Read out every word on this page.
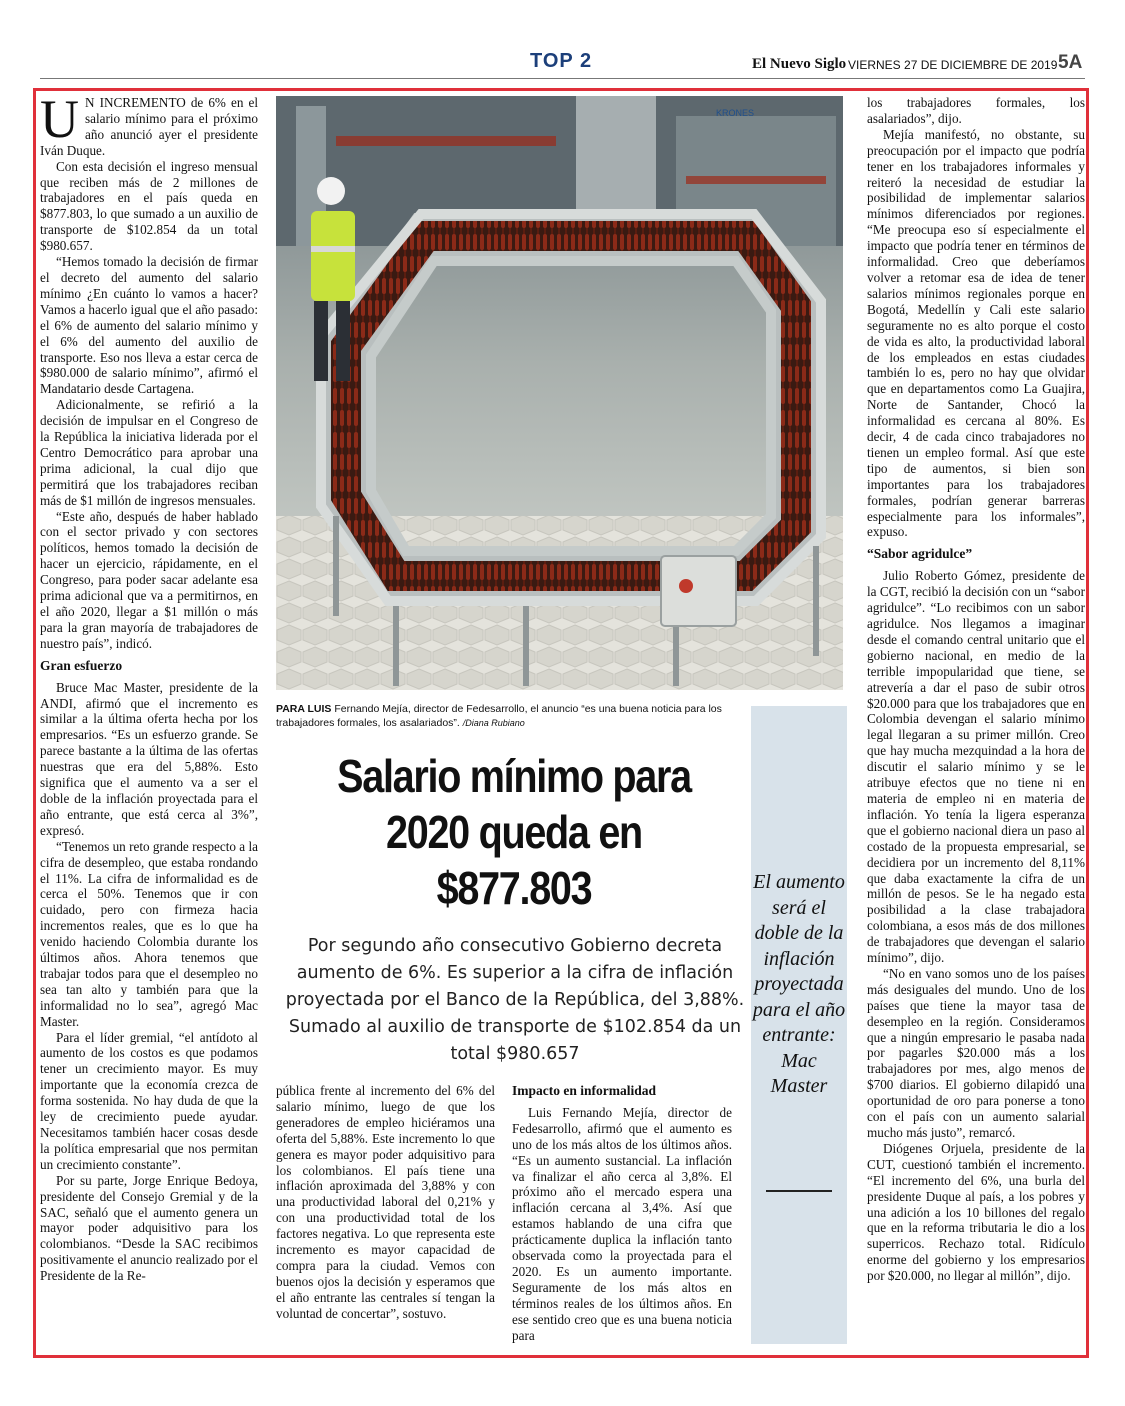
TOP 2	El Nuevo Siglo VIERNES 27 DE DICIEMBRE DE 2019 5A

U N INCREMENTO de 6% en el salario mínimo para el próximo año anunció ayer el presidente Iván Duque.

Con esta decisión el ingreso mensual que reciben más de 2 millones de trabajadores en el país queda en $877.803, lo que sumado a un auxilio de transporte de $102.854 da un total $980.657.

“Hemos tomado la decisión de firmar el decreto del aumento del salario mínimo ¿En cuánto lo vamos a hacer? Vamos a hacerlo igual que el año pasado: el 6% de aumento del salario mínimo y el 6% del aumento del auxilio de transporte. Eso nos lleva a estar cerca de $980.000 de salario mínimo”, afirmó el Mandatario desde Cartagena.

Adicionalmente, se refirió a la decisión de impulsar en el Congreso de la República la iniciativa liderada por el Centro Democrático para aprobar una prima adicional, la cual dijo que permitirá que los trabajadores reciban más de $1 millón de ingresos mensuales.

“Este año, después de haber hablado con el sector privado y con sectores políticos, hemos tomado la decisión de hacer un ejercicio, rápidamente, en el Congreso, para poder sacar adelante esa prima adicional que va a permitirnos, en el año 2020, llegar a $1 millón o más para la gran mayoría de trabajadores de nuestro país”, indicó.

Gran esfuerzo

Bruce Mac Master, presidente de la ANDI, afirmó que el incremento es similar a la última oferta hecha por los empresarios. “Es un esfuerzo grande. Se parece bastante a la última de las ofertas nuestras que era del 5,88%. Esto significa que el aumento va a ser el doble de la inflación proyectada para el año entrante, que está cerca al 3%”, expresó.

“Tenemos un reto grande respecto a la cifra de desempleo, que estaba rondando el 11%. La cifra de informalidad es de cerca el 50%. Tenemos que ir con cuidado, pero con firmeza hacia incrementos reales, que es lo que ha venido haciendo Colombia durante los últimos años. Ahora tenemos que trabajar todos para que el desempleo no sea tan alto y también para que la informalidad no lo sea”, agregó Mac Master.

Para el líder gremial, “el antídoto al aumento de los costos es que podamos tener un crecimiento mayor. Es muy importante que la economía crezca de forma sostenida. No hay duda de que la ley de crecimiento puede ayudar. Necesitamos también hacer cosas desde la política empresarial que nos permitan un crecimiento constante”.

Por su parte, Jorge Enrique Bedoya, presidente del Consejo Gremial y de la SAC, señaló que el aumento genera un mayor poder adquisitivo para los colombianos. “Desde la SAC recibimos positivamente el anuncio realizado por el Presidente de la Re-

KRONES
PARA LUIS Fernando Mejía, director de Fedesarrollo, el anuncio “es una buena noticia para los trabajadores formales, los asalariados”. /Diana Rubiano
Salario mínimo para 2020 queda en $877.803
Por segundo año consecutivo Gobierno decreta aumento de 6%. Es superior a la cifra de inflación proyectada por el Banco de la República, del 3,88%. Sumado al auxilio de transporte de $102.854 da un total $980.657

pública frente al incremento del 6% del salario mínimo, luego de que los generadores de empleo hiciéramos una oferta del 5,88%. Este incremento lo que genera es mayor poder adquisitivo para los colombianos. El país tiene una inflación aproximada del 3,88% y con una productividad laboral del 0,21% y con una productividad total de los factores negativa. Lo que representa este incremento es mayor capacidad de compra para la ciudad. Vemos con buenos ojos la decisión y esperamos que el año entrante las centrales sí tengan la voluntad de concertar”, sostuvo.

Impacto en informalidad

Luis Fernando Mejía, director de Fedesarrollo, afirmó que el aumento es uno de los más altos de los últimos años. “Es un aumento sustancial. La inflación va finalizar el año cerca al 3,8%. El próximo año el mercado espera una inflación cercana al 3,4%. Así que estamos hablando de una cifra que prácticamente duplica la inflación tanto observada como la proyectada para el 2020. Es un aumento importante. Seguramente de los más altos en términos reales de los últimos años. En ese sentido creo que es una buena noticia para

El aumento será el doble de la inflación proyectada para el año entrante: Mac Master

los trabajadores formales, los asalariados”, dijo.

Mejía manifestó, no obstante, su preocupación por el impacto que podría tener en los trabajadores informales y reiteró la necesidad de estudiar la posibilidad de implementar salarios mínimos diferenciados por regiones. “Me preocupa eso sí especialmente el impacto que podría tener en términos de informalidad. Creo que deberíamos volver a retomar esa de idea de tener salarios mínimos regionales porque en Bogotá, Medellín y Cali este salario seguramente no es alto porque el costo de vida es alto, la productividad laboral de los empleados en estas ciudades también lo es, pero no hay que olvidar que en departamentos como La Guajira, Norte de Santander, Chocó la informalidad es cercana al 80%. Es decir, 4 de cada cinco trabajadores no tienen un empleo formal. Así que este tipo de aumentos, si bien son importantes para los trabajadores formales, podrían generar barreras especialmente para los informales”, expuso.

“Sabor agridulce”

Julio Roberto Gómez, presidente de la CGT, recibió la decisión con un “sabor agridulce”. “Lo recibimos con un sabor agridulce. Nos llegamos a imaginar desde el comando central unitario que el gobierno nacional, en medio de la terrible impopularidad que tiene, se atrevería a dar el paso de subir otros $20.000 para que los trabajadores que en Colombia devengan el salario mínimo legal llegaran a su primer millón. Creo que hay mucha mezquindad a la hora de discutir el salario mínimo y se le atribuye efectos que no tiene ni en materia de empleo ni en materia de inflación. Yo tenía la ligera esperanza que el gobierno nacional diera un paso al costado de la propuesta empresarial, se decidiera por un incremento del 8,11% que daba exactamente la cifra de un millón de pesos. Se le ha negado esta posibilidad a la clase trabajadora colombiana, a esos más de dos millones de trabajadores que devengan el salario mínimo”, dijo.

“No en vano somos uno de los países más desiguales del mundo. Uno de los países que tiene la mayor tasa de desempleo en la región. Consideramos que a ningún empresario le pasaba nada por pagarles $20.000 más a los trabajadores por mes, algo menos de $700 diarios. El gobierno dilapidó una oportunidad de oro para ponerse a tono con el país con un aumento salarial mucho más justo”, remarcó.

Diógenes Orjuela, presidente de la CUT, cuestionó también el incremento. “El incremento del 6%, una burla del presidente Duque al país, a los pobres y una adición a los 10 billones del regalo que en la reforma tributaria le dio a los superricos. Rechazo total. Ridículo enorme del gobierno y los empresarios por $20.000, no llegar al millón”, dijo.
